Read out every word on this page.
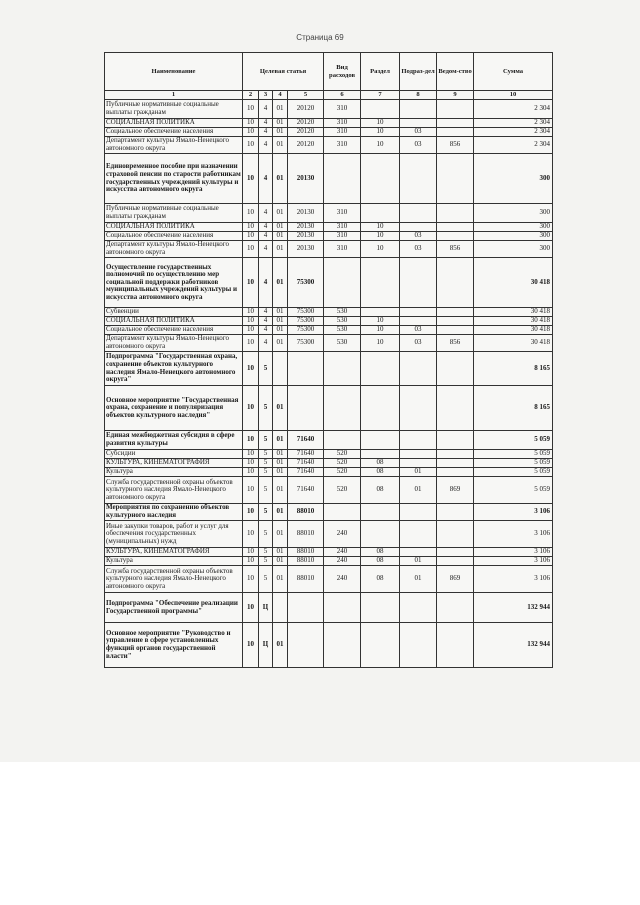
Страница 69
Наименование	Целевая статья				Вид расходов	Раздел	Подраз-дел	Ведом-ство	Сумма
1	2	3	4	5	6	7	8	9	10
Публичные нормативные социальные выплаты гражданам	10	4	01	20120	310				2 304
СОЦИАЛЬНАЯ ПОЛИТИКА	10	4	01	20120	310	10			2 304
Социальное обеспечение населения	10	4	01	20120	310	10	03		2 304
Департамент культуры Ямало-Ненецкого автономного округа	10	4	01	20120	310	10	03	856	2 304
Единовременное пособие при назначении страховой пенсии по старости работникам государственных учреждений культуры и искусства автономного округа	10	4	01	20130					300
Публичные нормативные социальные выплаты гражданам	10	4	01	20130	310				300
СОЦИАЛЬНАЯ ПОЛИТИКА	10	4	01	20130	310	10			300
Социальное обеспечение населения	10	4	01	20130	310	10	03		300
Департамент культуры Ямало-Ненецкого автономного округа	10	4	01	20130	310	10	03	856	300
Осуществление государственных полномочий по осуществлению мер социальной поддержки работников муниципальных учреждений культуры и искусства автономного округа	10	4	01	75300					30 418
Субвенции	10	4	01	75300	530				30 418
СОЦИАЛЬНАЯ ПОЛИТИКА	10	4	01	75300	530	10			30 418
Социальное обеспечение населения	10	4	01	75300	530	10	03		30 418
Департамент культуры Ямало-Ненецкого автономного округа	10	4	01	75300	530	10	03	856	30 418
Подпрограмма "Государственная охрана, сохранение объектов культурного наследия Ямало-Ненецкого автономного округа"	10	5							8 165
Основное мероприятие "Государственная охрана, сохранение и популяризация объектов культурного наследия"	10	5	01						8 165
Единая межбюджетная субсидия в сфере развития культуры	10	5	01	71640					5 059
Субсидии	10	5	01	71640	520				5 059
КУЛЬТУРА, КИНЕМАТОГРАФИЯ	10	5	01	71640	520	08			5 059
Культура	10	5	01	71640	520	08	01		5 059
Служба государственной охраны объектов культурного наследия Ямало-Ненецкого автономного округа	10	5	01	71640	520	08	01	869	5 059
Мероприятия по сохранению объектов культурного наследия	10	5	01	88010					3 106
Иные закупки товаров, работ и услуг для обеспечения государственных (муниципальных) нужд	10	5	01	88010	240				3 106
КУЛЬТУРА, КИНЕМАТОГРАФИЯ	10	5	01	88010	240	08			3 106
Культура	10	5	01	88010	240	08	01		3 106
Служба государственной охраны объектов культурного наследия Ямало-Ненецкого автономного округа	10	5	01	88010	240	08	01	869	3 106
Подпрограмма "Обеспечение реализации Государственной программы"	10	Ц							132 944
Основное мероприятие "Руководство и управление в сфере установленных функций органов государственной власти"	10	Ц	01						132 944
